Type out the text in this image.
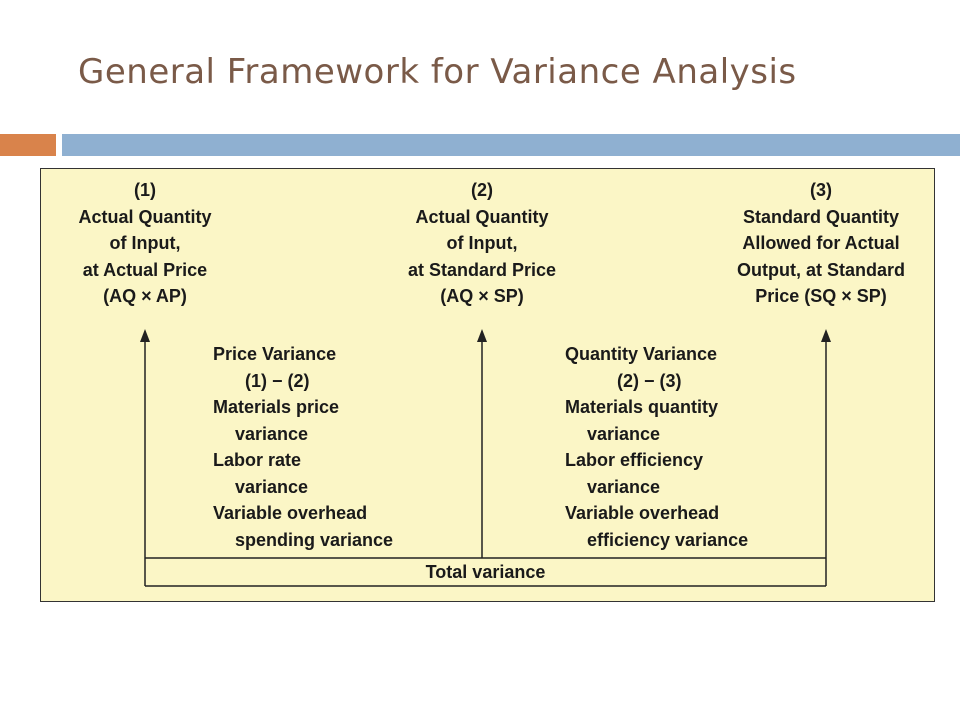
General Framework for Variance Analysis
(1)
Actual Quantity
of Input,
at Actual Price
(AQ × AP)
(2)
Actual Quantity
of Input,
at Standard Price
(AQ × SP)
(3)
Standard Quantity
Allowed for Actual
Output, at Standard
Price (SQ × SP)
Price Variance
(1) − (2)
Materials price
variance
Labor rate
variance
Variable overhead
spending variance
Quantity Variance
(2) − (3)
Materials quantity
variance
Labor efficiency
variance
Variable overhead
efficiency variance
Total variance
